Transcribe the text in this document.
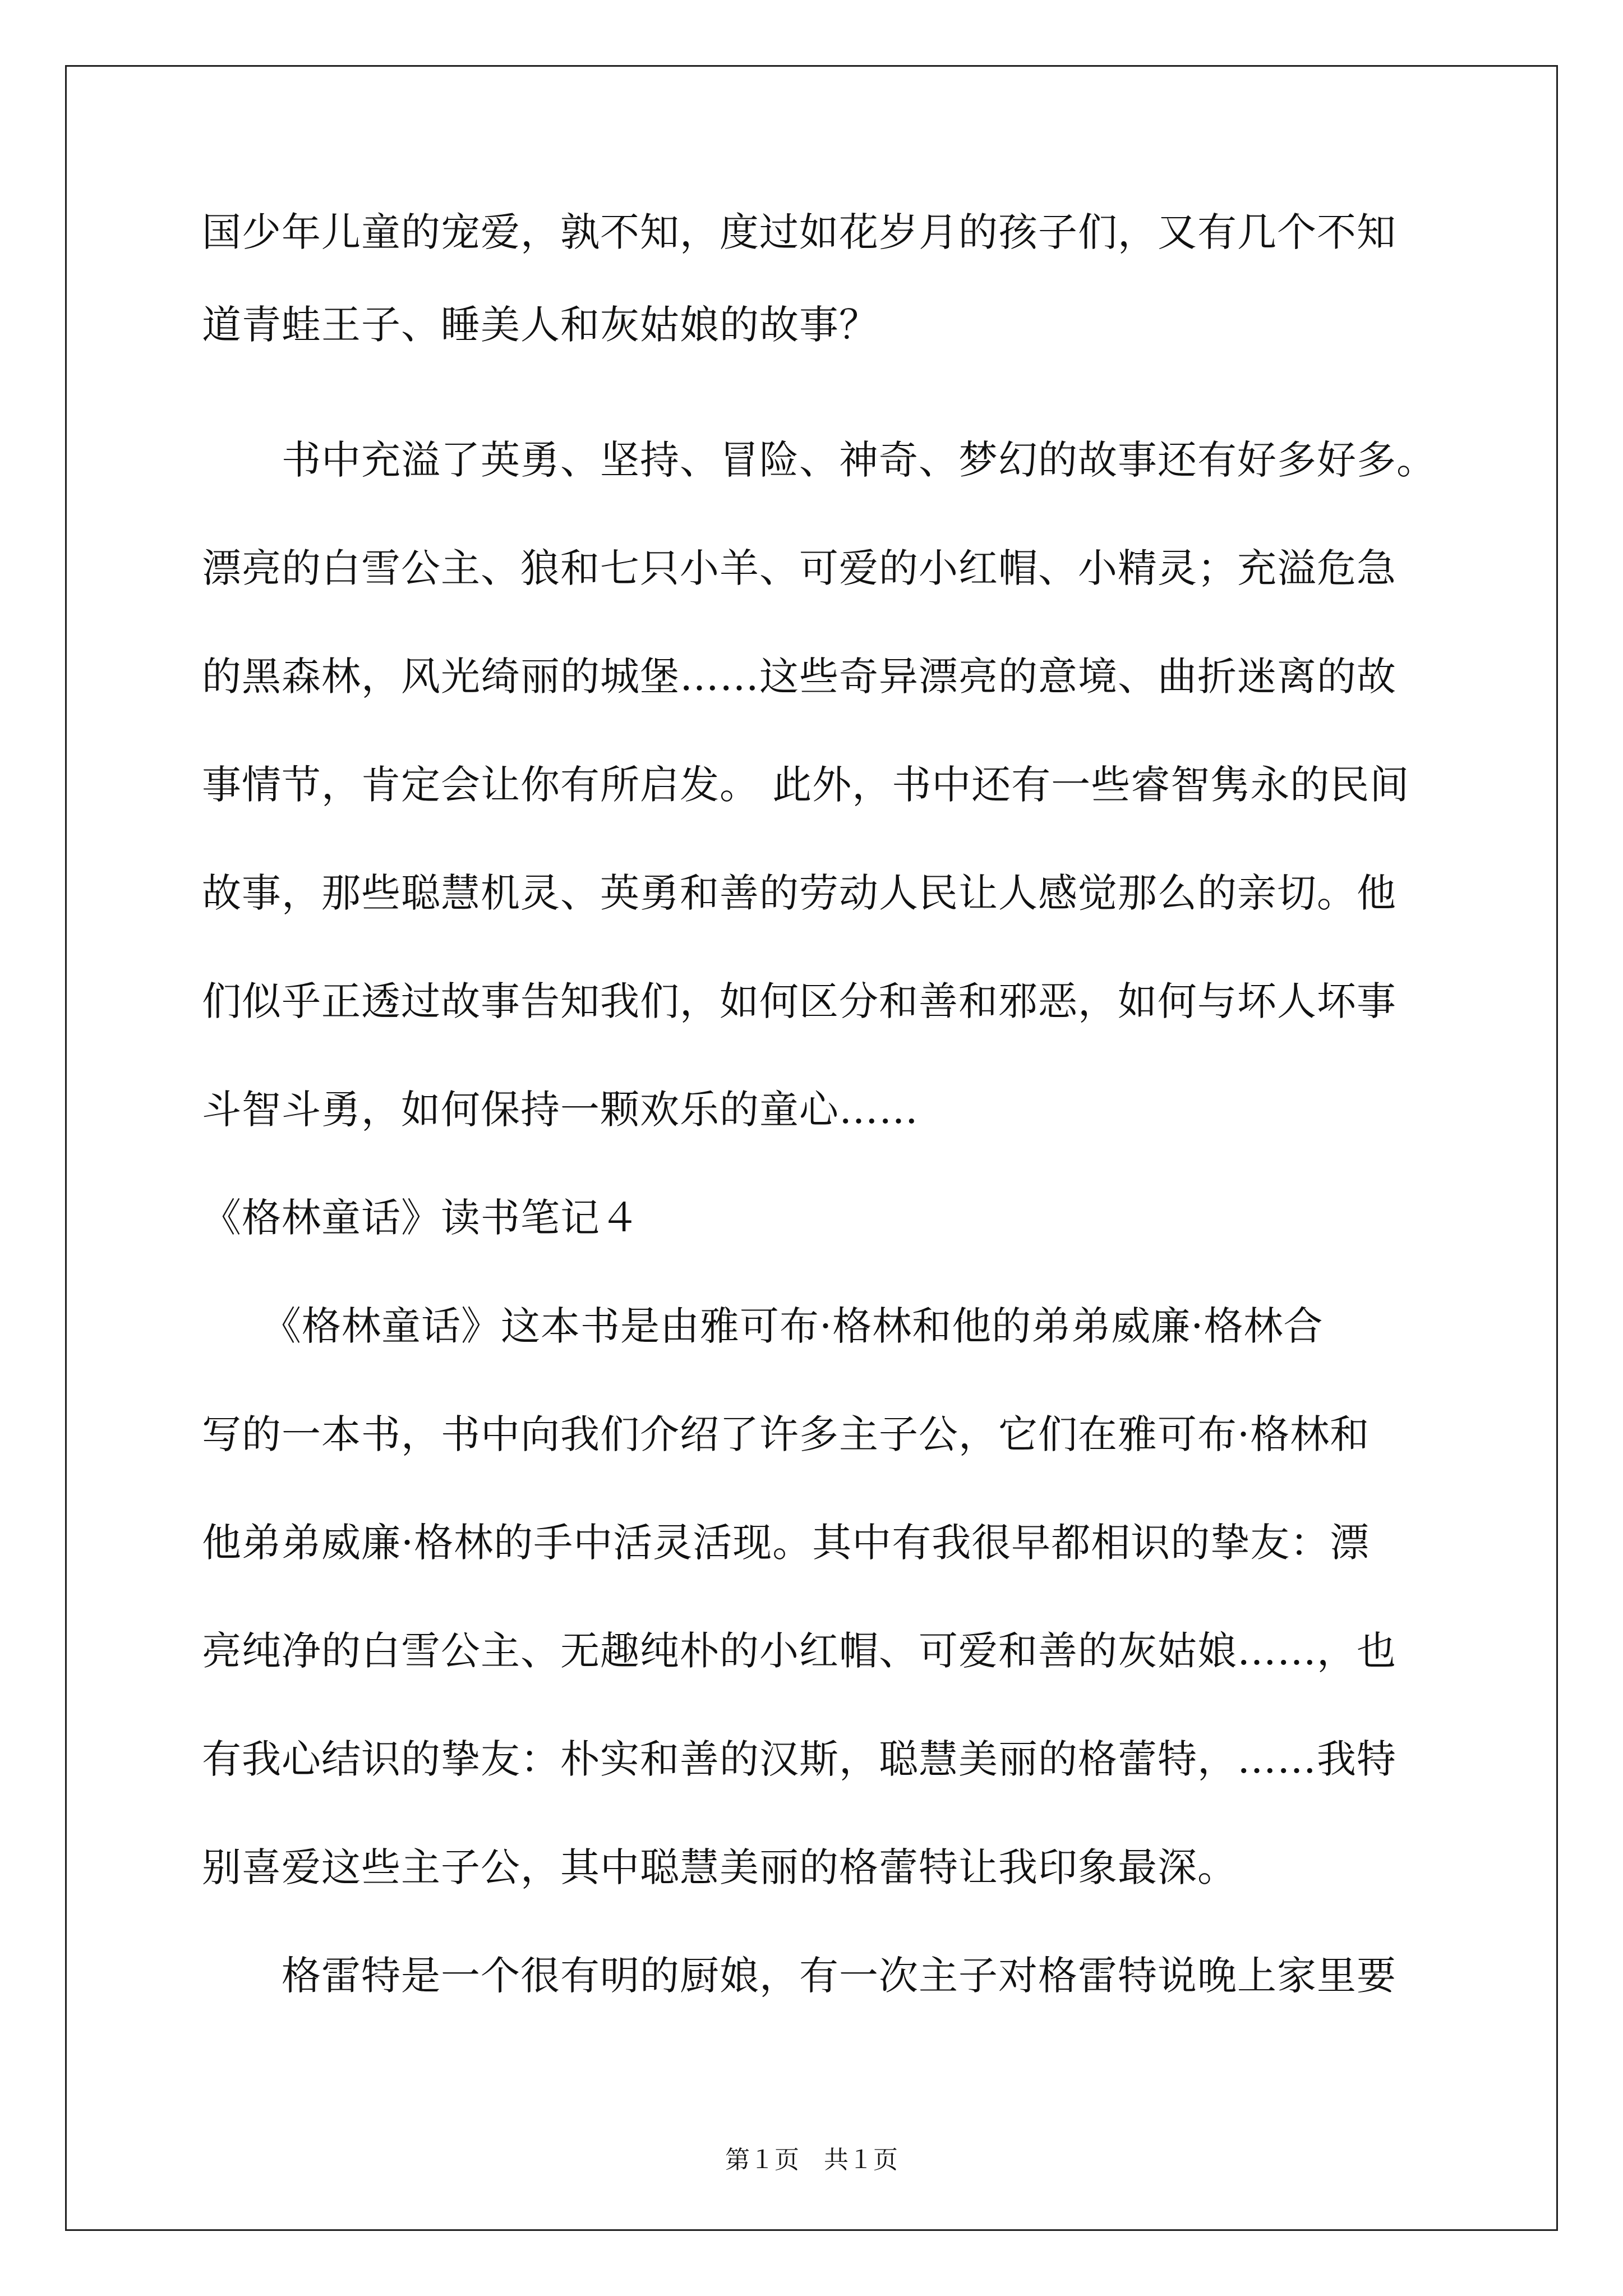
国少年儿童的宠爱，孰不知，度过如花岁月的孩子们，又有几个不知
道青蛙王子、睡美人和灰姑娘的故事？
　　书中充溢了英勇、坚持、冒险、神奇、梦幻的故事还有好多好多。
漂亮的白雪公主、狼和七只小羊、可爱的小红帽、小精灵；充溢危急
的黑森林，风光绮丽的城堡……这些奇异漂亮的意境、曲折迷离的故
事情节，肯定会让你有所启发。 此外，书中还有一些睿智隽永的民间
故事，那些聪慧机灵、英勇和善的劳动人民让人感觉那么的亲切。他
们似乎正透过故事告知我们，如何区分和善和邪恶，如何与坏人坏事
斗智斗勇，如何保持一颗欢乐的童心……
《格林童话》读书笔记４
　　《格林童话》这本书是由雅可布·格林和他的弟弟威廉·格林合
写的一本书，书中向我们介绍了许多主子公，它们在雅可布·格林和
他弟弟威廉·格林的手中活灵活现。其中有我很早都相识的挚友：漂
亮纯净的白雪公主、无趣纯朴的小红帽、可爱和善的灰姑娘……，也
有我心结识的挚友：朴实和善的汉斯，聪慧美丽的格蕾特，……我特
别喜爱这些主子公，其中聪慧美丽的格蕾特让我印象最深。
　　格雷特是一个很有明的厨娘，有一次主子对格雷特说晚上家里要
第１页　共１页
